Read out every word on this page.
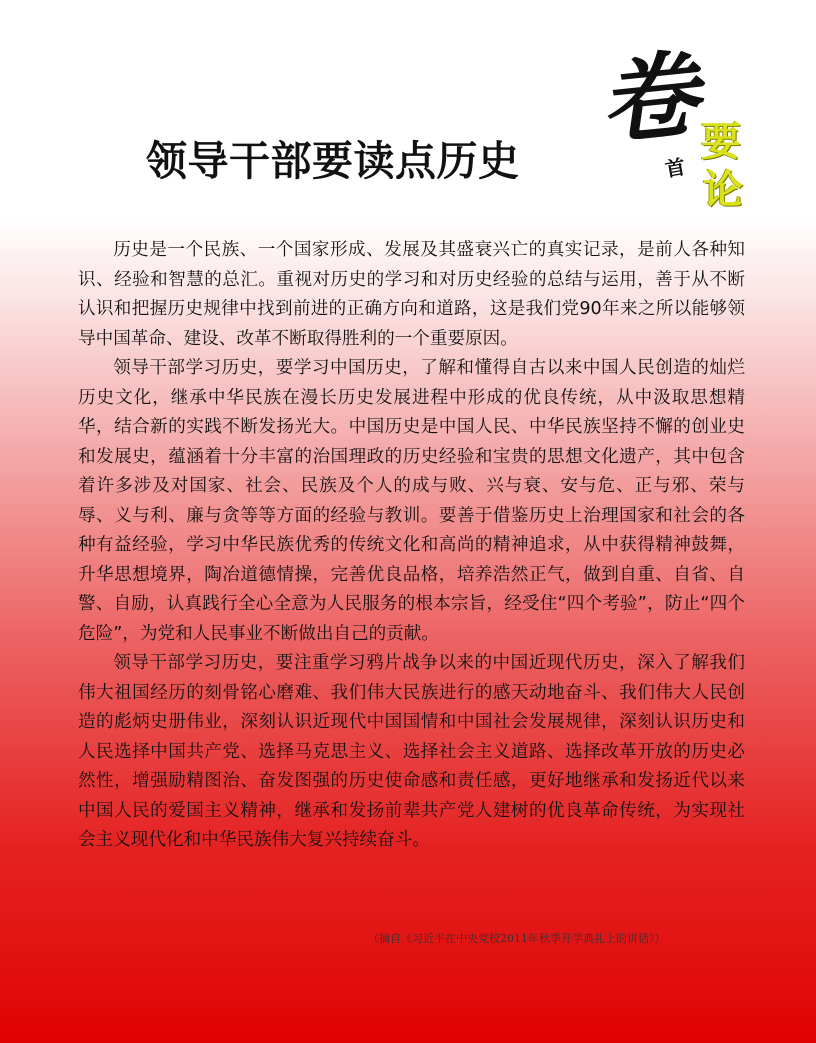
领导干部要读点历史
卷
首
要
论

历史是一个民族、一个国家形成、发展及其盛衰兴亡的真实记录，是前人各种知识、经验和智慧的总汇。重视对历史的学习和对历史经验的总结与运用，善于从不断认识和把握历史规律中找到前进的正确方向和道路，这是我们党90年来之所以能够领导中国革命、建设、改革不断取得胜利的一个重要原因。

领导干部学习历史，要学习中国历史，了解和懂得自古以来中国人民创造的灿烂历史文化，继承中华民族在漫长历史发展进程中形成的优良传统，从中汲取思想精华，结合新的实践不断发扬光大。中国历史是中国人民、中华民族坚持不懈的创业史和发展史，蕴涵着十分丰富的治国理政的历史经验和宝贵的思想文化遗产，其中包含着许多涉及对国家、社会、民族及个人的成与败、兴与衰、安与危、正与邪、荣与辱、义与利、廉与贪等等方面的经验与教训。要善于借鉴历史上治理国家和社会的各种有益经验，学习中华民族优秀的传统文化和高尚的精神追求，从中获得精神鼓舞，升华思想境界，陶冶道德情操，完善优良品格，培养浩然正气，做到自重、自省、自警、自励，认真践行全心全意为人民服务的根本宗旨，经受住“四个考验”，防止“四个危险”，为党和人民事业不断做出自己的贡献。

领导干部学习历史，要注重学习鸦片战争以来的中国近现代历史，深入了解我们伟大祖国经历的刻骨铭心磨难、我们伟大民族进行的感天动地奋斗、我们伟大人民创造的彪炳史册伟业，深刻认识近现代中国国情和中国社会发展规律，深刻认识历史和人民选择中国共产党、选择马克思主义、选择社会主义道路、选择改革开放的历史必然性，增强励精图治、奋发图强的历史使命感和责任感，更好地继承和发扬近代以来中国人民的爱国主义精神，继承和发扬前辈共产党人建树的优良革命传统，为实现社会主义现代化和中华民族伟大复兴持续奋斗。

（摘自《习近平在中央党校2011年秋季开学典礼上的讲话》）
